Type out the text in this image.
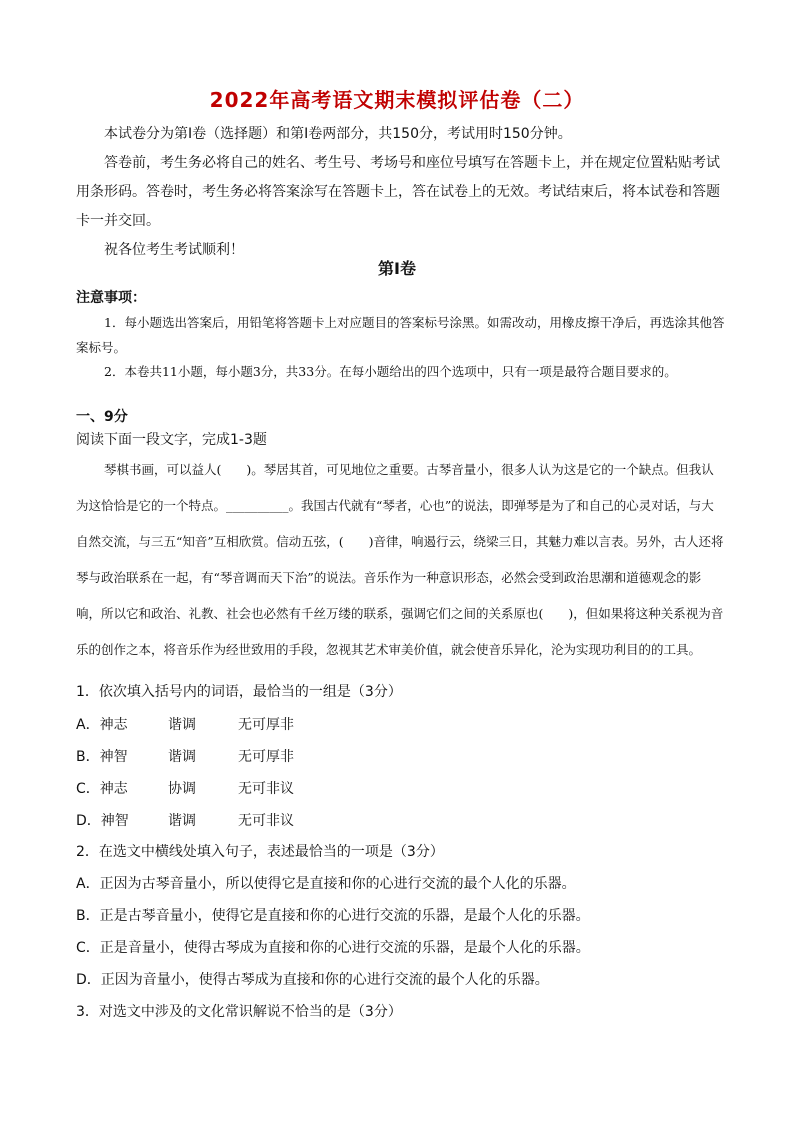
2022年高考语文期末模拟评估卷（二）

本试卷分为第Ⅰ卷（选择题）和第Ⅰ卷两部分，共150分，考试用时150分钟。

答卷前，考生务必将自己的姓名、考生号、考场号和座位号填写在答题卡上，并在规定位置粘贴考试用条形码。答卷时，考生务必将答案涂写在答题卡上，答在试卷上的无效。考试结束后，将本试卷和答题卡一并交回。

祝各位考生考试顺利！

第Ⅰ卷

注意事项：

1．每小题选出答案后，用铅笔将答题卡上对应题目的答案标号涂黑。如需改动，用橡皮擦干净后，再选涂其他答案标号。

2．本卷共11小题，每小题3分，共33分。在每小题给出的四个选项中，只有一项是最符合题目要求的。

一、9分

阅读下面一段文字，完成1-3题

琴棋书画，可以益人(　　)。琴居其首，可见地位之重要。古琴音量小，很多人认为这是它的一个缺点。但我认为这恰恰是它的一个特点。__________。我国古代就有“琴者，心也”的说法，即弹琴是为了和自己的心灵对话，与大自然交流，与三五“知音”互相欣赏。信动五弦，(　　)音律，响遏行云，绕梁三日，其魅力难以言表。另外，古人还将琴与政治联系在一起，有“琴音调而天下治”的说法。音乐作为一种意识形态，必然会受到政治思潮和道德观念的影响，所以它和政治、礼教、社会也必然有千丝万缕的联系，强调它们之间的关系原也(　　)，但如果将这种关系视为音乐的创作之本，将音乐作为经世致用的手段，忽视其艺术审美价值，就会使音乐异化，沦为实现功利目的的工具。

1．依次填入括号内的词语，最恰当的一组是（3分）

A．神志	谐调	无可厚非
B．神智	谐调	无可厚非
C．神志	协调	无可非议
D．神智	谐调	无可非议

2．在选文中横线处填入句子，表述最恰当的一项是（3分）

A．正因为古琴音量小，所以使得它是直接和你的心进行交流的最个人化的乐器。

B．正是古琴音量小，使得它是直接和你的心进行交流的乐器，是最个人化的乐器。

C．正是音量小，使得古琴成为直接和你的心进行交流的乐器，是最个人化的乐器。

D．正因为音量小，使得古琴成为直接和你的心进行交流的最个人化的乐器。

3．对选文中涉及的文化常识解说不恰当的是（3分）
